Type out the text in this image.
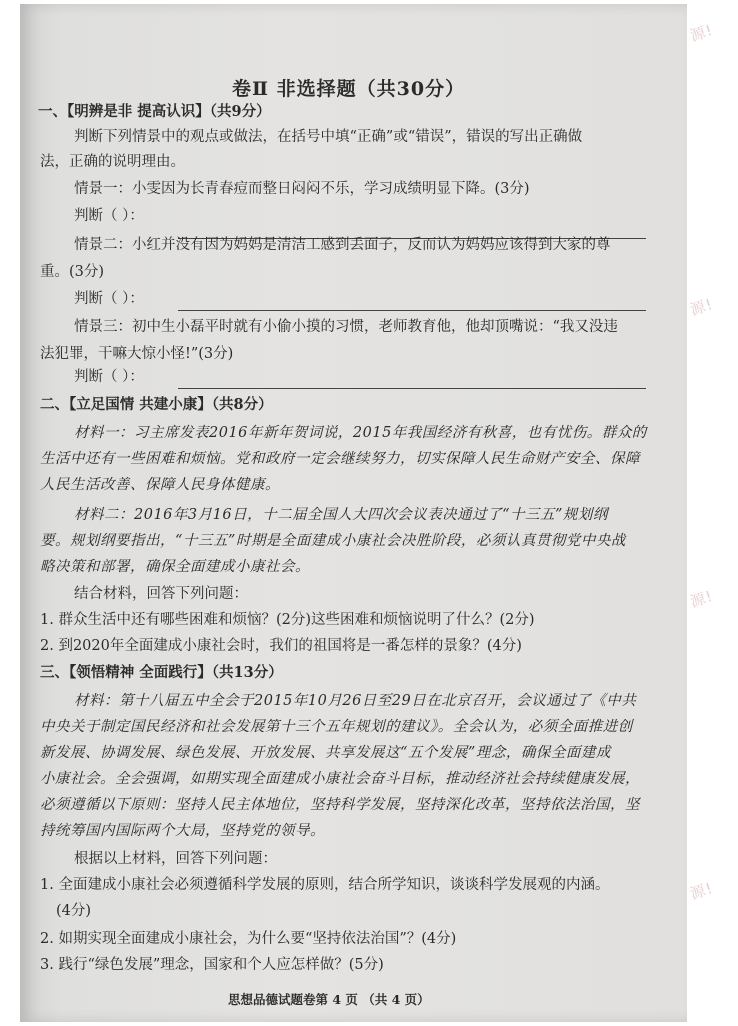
源!
源!
源!
源!
卷Ⅱ 非选择题（共30分）
一、【明辨是非 提高认识】（共9分）
判断下列情景中的观点或做法，在括号中填“正确”或“错误”，错误的写出正确做
法，正确的说明理由。
情景一：小雯因为长青春痘而整日闷闷不乐，学习成绩明显下降。(3分)
判断（ ）：
情景二：小红并没有因为妈妈是清洁工感到丢面子，反而认为妈妈应该得到大家的尊
重。(3分)
判断（ ）：
情景三：初中生小磊平时就有小偷小摸的习惯，老师教育他，他却顶嘴说：“我又没违
法犯罪，干嘛大惊小怪!”(3分)
判断（ ）：
二、【立足国情 共建小康】（共8分）
材料一：习主席发表2016年新年贺词说，2015年我国经济有秋喜，也有忧伤。群众的
生活中还有一些困难和烦恼。党和政府一定会继续努力，切实保障人民生命财产安全、保障
人民生活改善、保障人民身体健康。
材料二：2016年3月16日，十二届全国人大四次会议表决通过了“十三五”规划纲
要。规划纲要指出，“十三五”时期是全面建成小康社会决胜阶段，必须认真贯彻党中央战
略决策和部署，确保全面建成小康社会。
结合材料，回答下列问题：
1. 群众生活中还有哪些困难和烦恼？(2分)这些困难和烦恼说明了什么？(2分)
2. 到2020年全面建成小康社会时，我们的祖国将是一番怎样的景象？(4分)
三、【领悟精神 全面践行】（共13分）
材料：第十八届五中全会于2015年10月26日至29日在北京召开，会议通过了《中共
中央关于制定国民经济和社会发展第十三个五年规划的建议》。全会认为，必须全面推进创
新发展、协调发展、绿色发展、开放发展、共享发展这“五个发展”理念，确保全面建成
小康社会。全会强调，如期实现全面建成小康社会奋斗目标，推动经济社会持续健康发展，
必须遵循以下原则：坚持人民主体地位，坚持科学发展，坚持深化改革，坚持依法治国，坚
持统筹国内国际两个大局，坚持党的领导。
根据以上材料，回答下列问题：
1. 全面建成小康社会必须遵循科学发展的原则，结合所学知识，谈谈科学发展观的内涵。
(4分)
2. 如期实现全面建成小康社会，为什么要“坚持依法治国”？(4分)
3. 践行“绿色发展”理念，国家和个人应怎样做？(5分)
思想品德试题卷第 4 页 （共 4 页）
